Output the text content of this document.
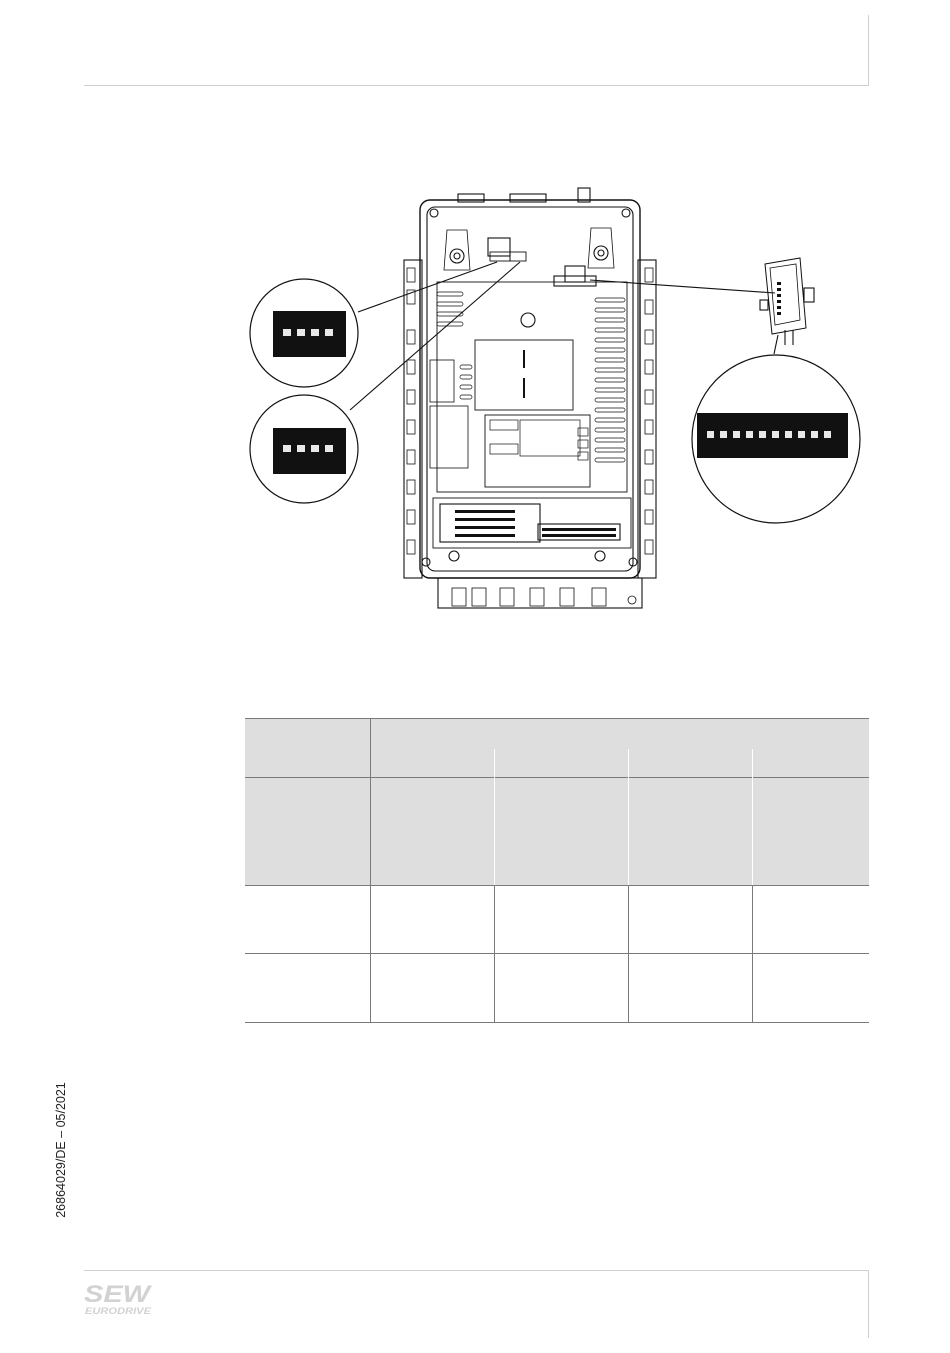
26864029/DE – 05/2021
SEW
EURODRIVE
